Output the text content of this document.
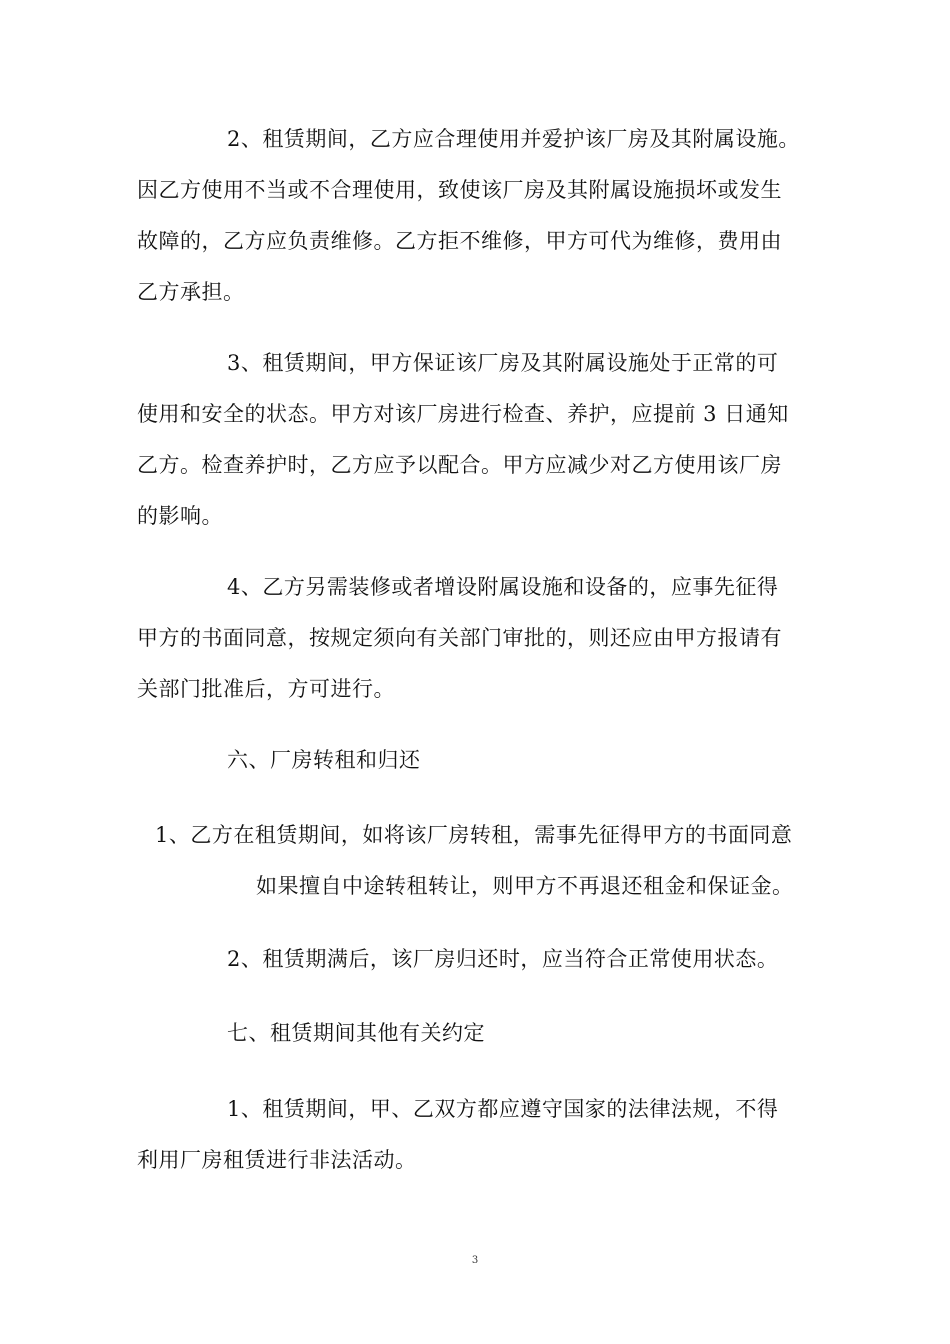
2、租赁期间，乙方应合理使用并爱护该厂房及其附属设施。
因乙方使用不当或不合理使用，致使该厂房及其附属设施损坏或发生
故障的，乙方应负责维修。乙方拒不维修，甲方可代为维修，费用由
乙方承担。
3、租赁期间，甲方保证该厂房及其附属设施处于正常的可
使用和安全的状态。甲方对该厂房进行检查、养护，应提前 3 日通知
乙方。检查养护时，乙方应予以配合。甲方应减少对乙方使用该厂房
的影响。
4、乙方另需装修或者增设附属设施和设备的，应事先征得
甲方的书面同意，按规定须向有关部门审批的，则还应由甲方报请有
关部门批准后，方可进行。
六、厂房转租和归还
1、乙方在租赁期间，如将该厂房转租，需事先征得甲方的书面同意
如果擅自中途转租转让，则甲方不再退还租金和保证金。
2、租赁期满后，该厂房归还时，应当符合正常使用状态。
七、租赁期间其他有关约定
1、租赁期间，甲、乙双方都应遵守国家的法律法规，不得
利用厂房租赁进行非法活动。
3
